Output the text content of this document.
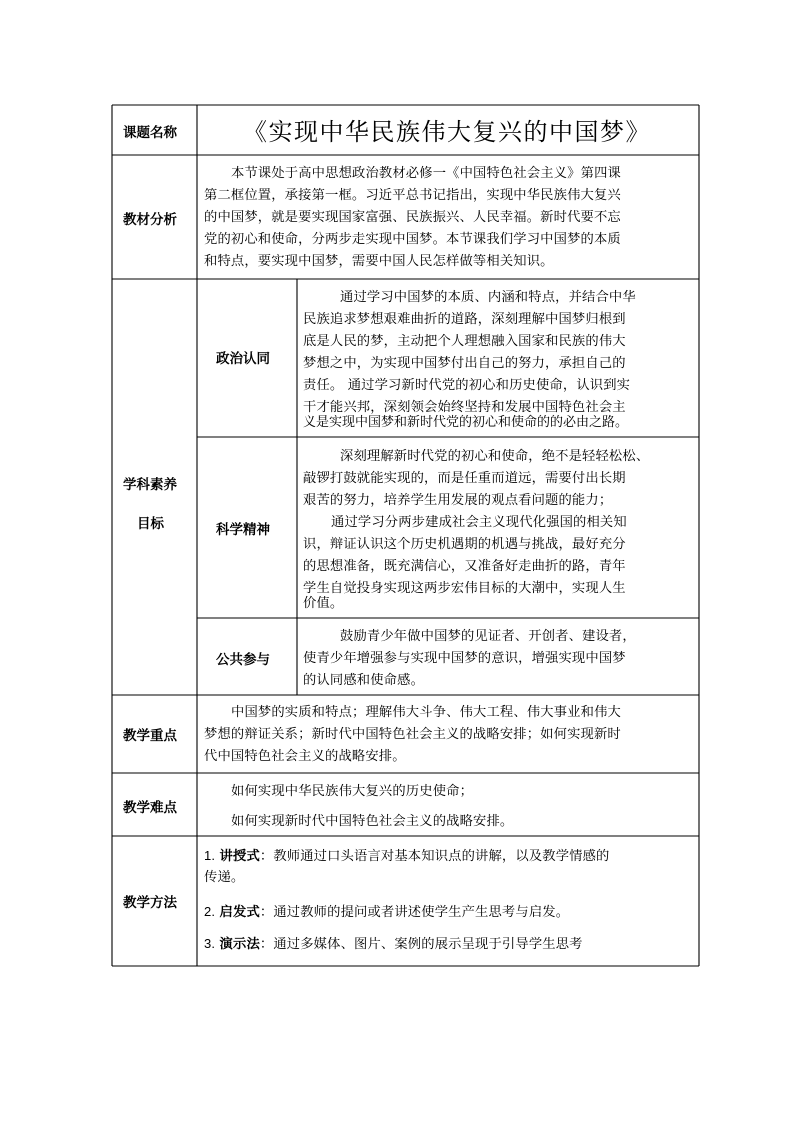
课题名称	《实现中华民族伟大复兴的中国梦》
教材分析
本节课处于高中思想政治教材必修一《中国特色社会主义》第四课
第二框位置，承接第一框。习近平总书记指出，实现中华民族伟大复兴
的中国梦，就是要实现国家富强、民族振兴、人民幸福。新时代要不忘
党的初心和使命，分两步走实现中国梦。本节课我们学习中国梦的本质
和特点，要实现中国梦，需要中国人民怎样做等相关知识。
学科素养
目标
政治认同
通过学习中国梦的本质、内涵和特点，并结合中华
民族追求梦想艰难曲折的道路，深刻理解中国梦归根到
底是人民的梦，主动把个人理想融入国家和民族的伟大
梦想之中，为实现中国梦付出自己的努力，承担自己的
责任。 通过学习新时代党的初心和历史使命，认识到实
干才能兴邦，深刻领会始终坚持和发展中国特色社会主
义是实现中国梦和新时代党的初心和使命的的必由之路。
科学精神
深刻理解新时代党的初心和使命，绝不是轻轻松松、
敲锣打鼓就能实现的，而是任重而道远，需要付出长期
艰苦的努力，培养学生用发展的观点看问题的能力；
通过学习分两步建成社会主义现代化强国的相关知
识，辩证认识这个历史机遇期的机遇与挑战，最好充分
的思想准备，既充满信心，又准备好走曲折的路，青年
学生自觉投身实现这两步宏伟目标的大潮中，实现人生
价值。
公共参与
鼓励青少年做中国梦的见证者、开创者、建设者，
使青少年增强参与实现中国梦的意识，增强实现中国梦
的认同感和使命感。
教学重点
中国梦的实质和特点；理解伟大斗争、伟大工程、伟大事业和伟大
梦想的辩证关系；新时代中国特色社会主义的战略安排；如何实现新时
代中国特色社会主义的战略安排。
教学难点
如何实现中华民族伟大复兴的历史使命；
如何实现新时代中国特色社会主义的战略安排。
教学方法
1. 讲授式：教师通过口头语言对基本知识点的讲解，以及教学情感的
传递。
2. 启发式：通过教师的提问或者讲述使学生产生思考与启发。
3. 演示法：通过多媒体、图片、案例的展示呈现于引导学生思考
